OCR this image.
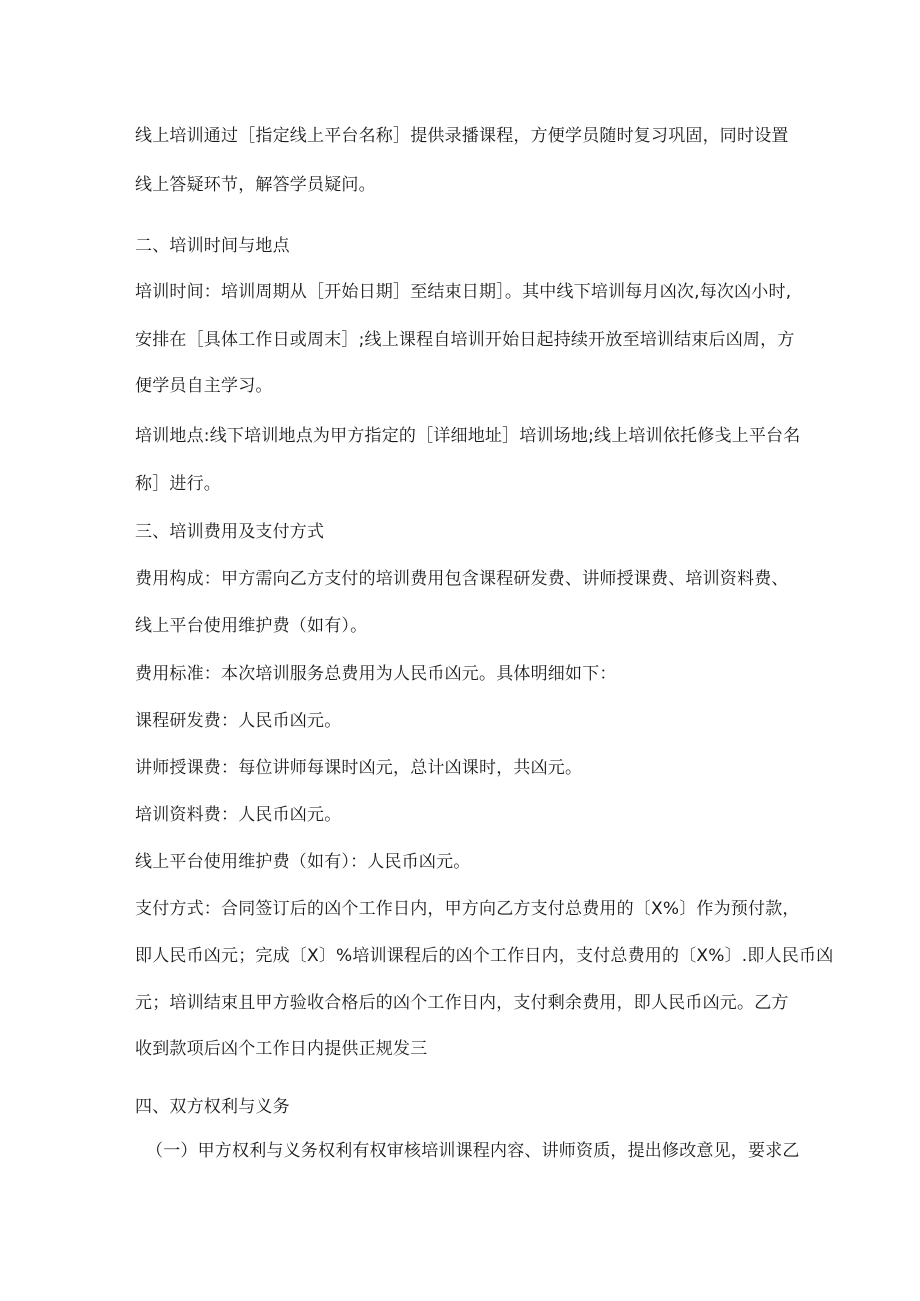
线上培训通过［指定线上平台名称］提供录播课程，方便学员随时复习巩固，同时设置
线上答疑环节，解答学员疑问。
二、培训时间与地点
培训时间：培训周期从［开始日期］至结束日期］。其中线下培训每月凶次,每次凶小时,
安排在［具体工作日或周末］;线上课程自培训开始日起持续开放至培训结束后凶周，方
便学员自主学习。
培训地点:线下培训地点为甲方指定的［详细地址］培训场地;线上培训依托修戋上平台名
称］进行。
三、培训费用及支付方式
费用构成：甲方需向乙方支付的培训费用包含课程研发费、讲师授课费、培训资料费、
线上平台使用维护费（如有）。
费用标准：本次培训服务总费用为人民币凶元。具体明细如下：
课程研发费：人民币凶元。
讲师授课费：每位讲师每课时凶元，总计凶课时，共凶元。
培训资料费：人民币凶元。
线上平台使用维护费（如有）：人民币凶元。
支付方式：合同签订后的凶个工作日内，甲方向乙方支付总费用的〔X%〕作为预付款，
即人民币凶元；完成〔X〕%培训课程后的凶个工作日内，支付总费用的〔X%〕.即人民币凶
元；培训结束且甲方验收合格后的凶个工作日内，支付剩余费用，即人民币凶元。乙方
收到款项后凶个工作日内提供正规发三
四、双方权利与义务
（一）甲方权利与义务权利有权审核培训课程内容、讲师资质，提出修改意见，要求乙
